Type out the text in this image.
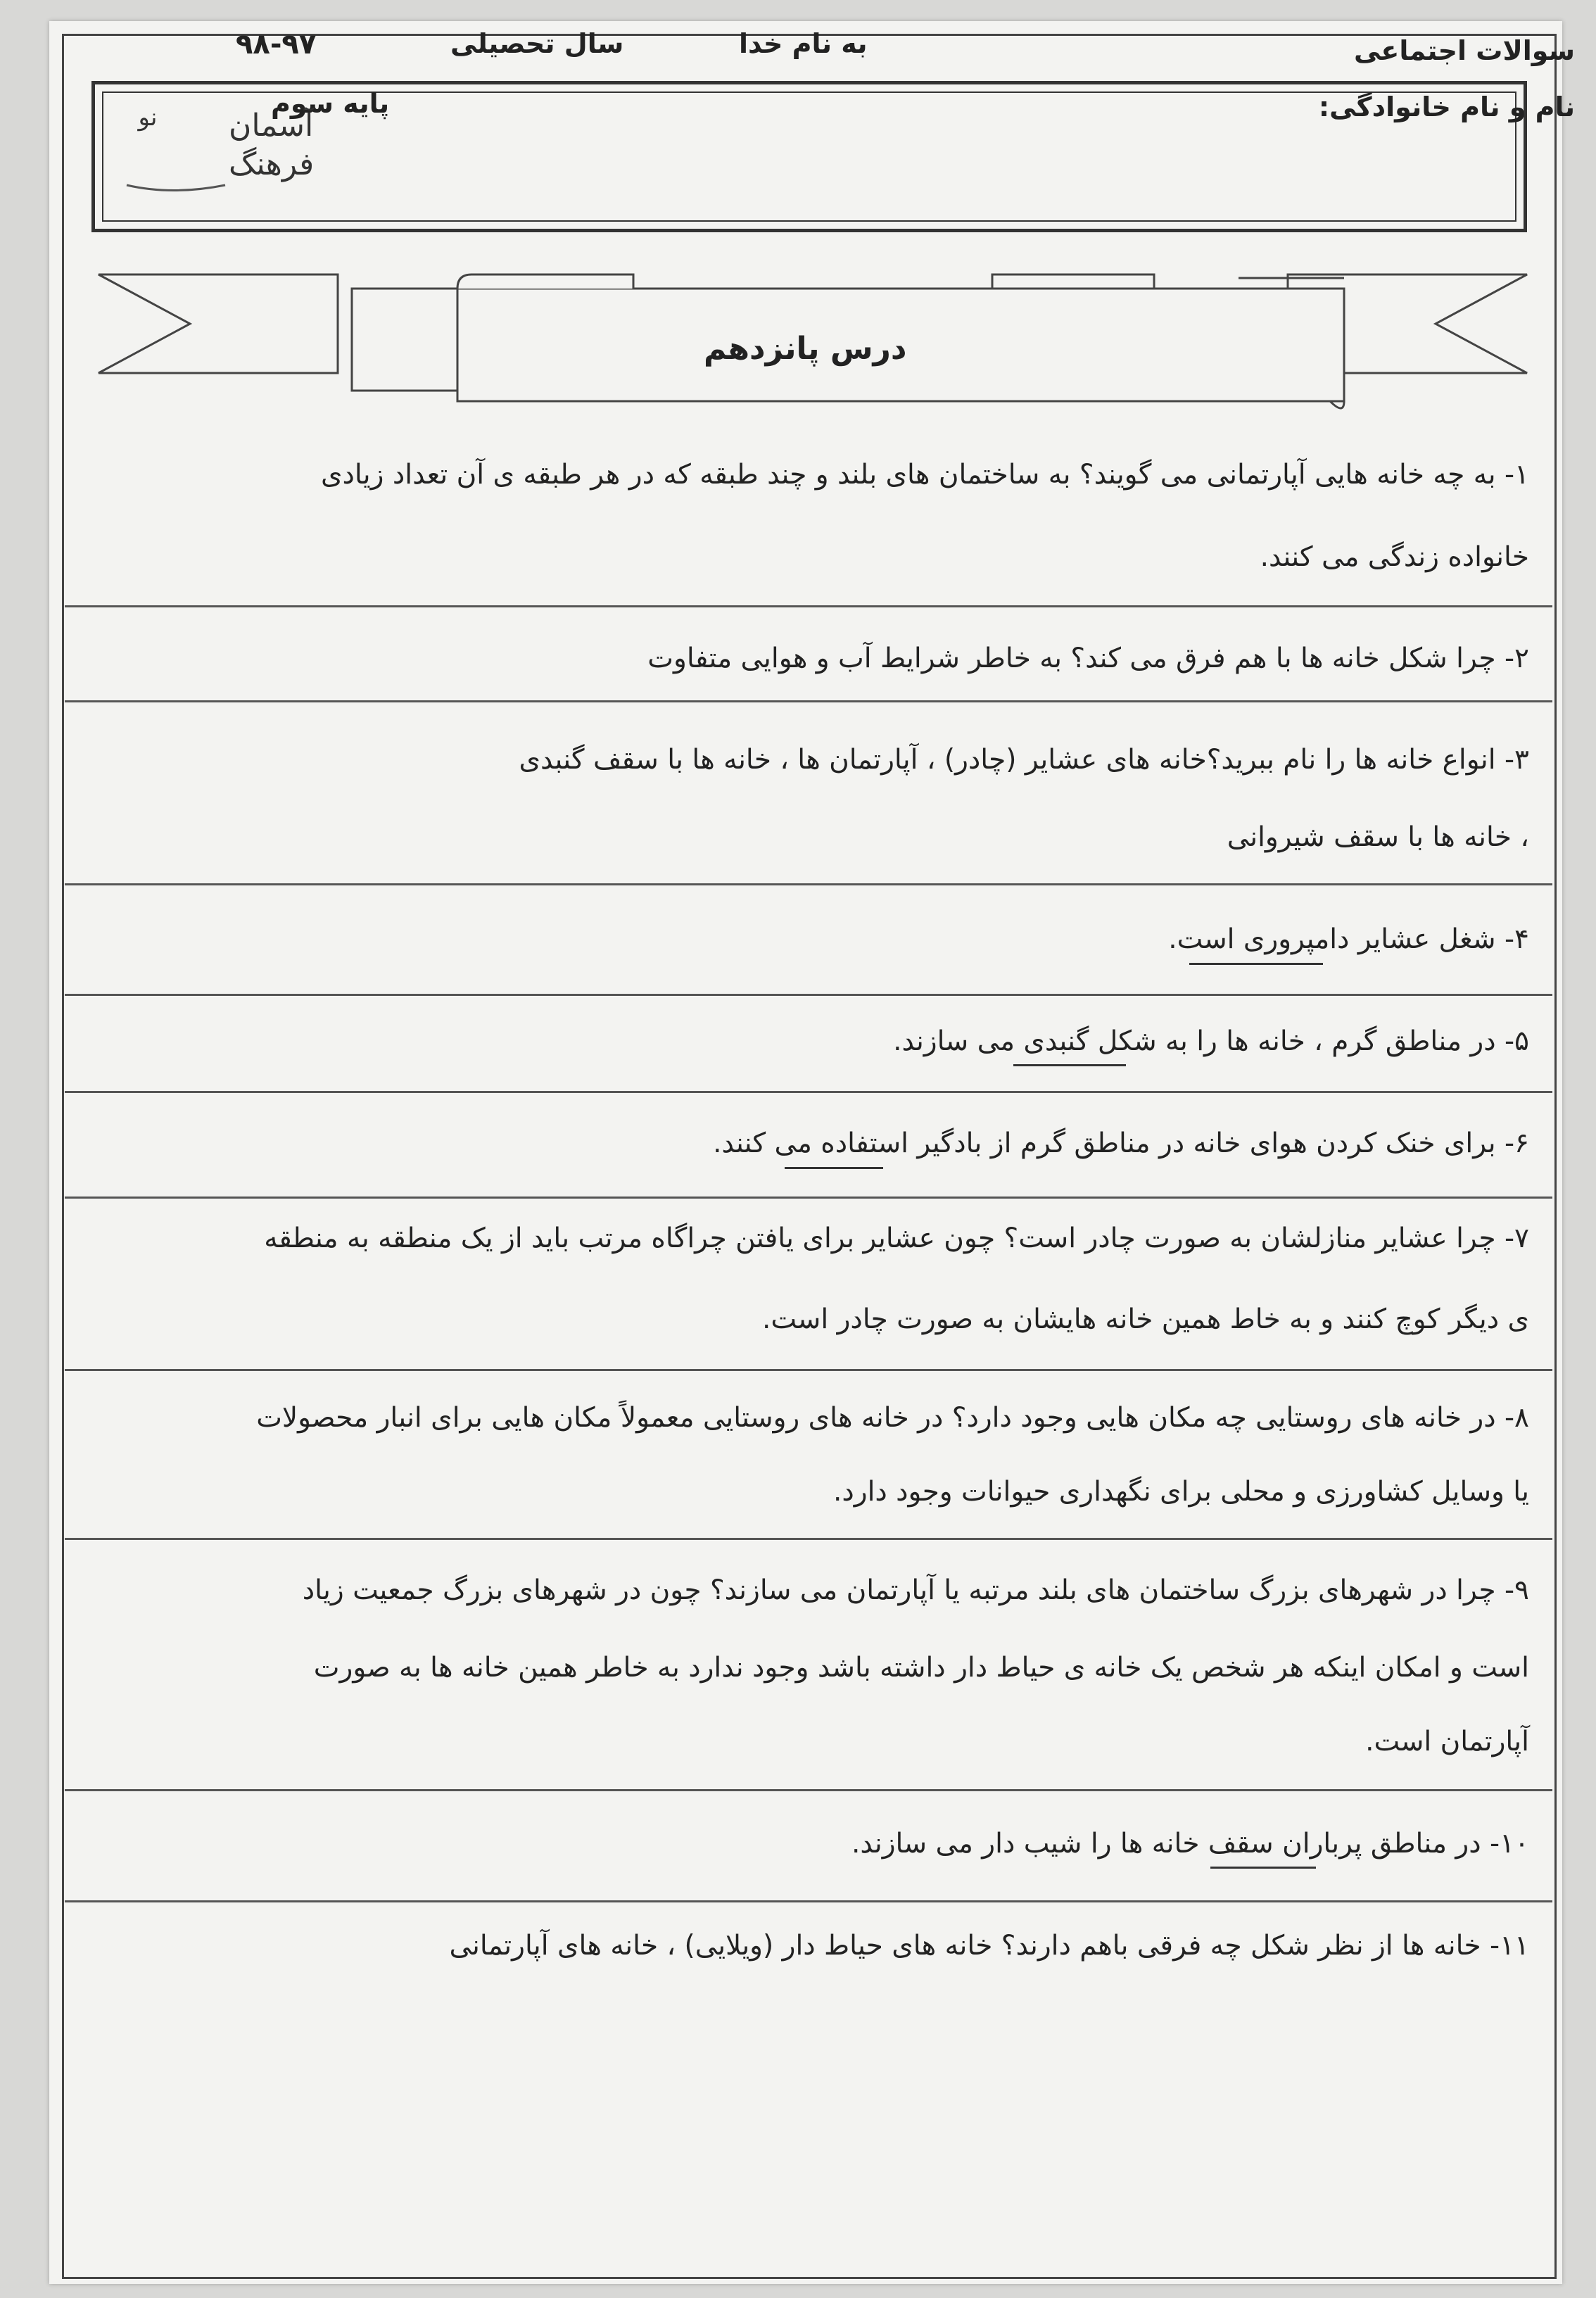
سوالات اجتماعی
نام و نام خانوادگی:
به نام خدا
سال تحصیلی
۹۸-۹۷
پایه سوم
آسمان
فرهنگ
نو
درس پانزدهم
۱- به چه خانه هایی آپارتمانی می گویند؟ به ساختمان های بلند و چند طبقه که در هر طبقه ی آن تعداد زیادی
خانواده زندگی می کنند.
۲- چرا شکل خانه ها با هم فرق می کند؟ به خاطر شرایط آب و هوایی متفاوت
۳- انواع خانه ها را نام ببرید؟خانه های عشایر (چادر) ، آپارتمان ها ، خانه ها با سقف گنبدی
، خانه ها با سقف شیروانی
۴- شغل عشایر دامپروری است.
۵- در مناطق گرم ، خانه ها را به شکل گنبدی می سازند.
۶- برای خنک کردن هوای خانه در مناطق گرم از بادگیر استفاده می کنند.
۷- چرا عشایر منازلشان به صورت چادر است؟ چون عشایر برای یافتن چراگاه مرتب باید از یک منطقه به منطقه
ی دیگر کوچ کنند و به خاط همین خانه هایشان به صورت چادر است.
۸- در خانه های روستایی چه مکان هایی وجود دارد؟ در خانه های روستایی معمولاً مکان هایی برای انبار محصولات
یا وسایل کشاورزی و محلی برای نگهداری حیوانات وجود دارد.
۹- چرا در شهرهای بزرگ ساختمان های بلند مرتبه یا آپارتمان می سازند؟ چون در شهرهای بزرگ جمعیت زیاد
است و امکان اینکه هر شخص یک خانه ی حیاط دار داشته باشد وجود ندارد به خاطر همین خانه ها به صورت
آپارتمان است.
۱۰- در مناطق پرباران سقف خانه ها را شیب دار می سازند.
۱۱- خانه ها از نظر شکل چه فرقی باهم دارند؟ خانه های حیاط دار (ویلایی) ، خانه های آپارتمانی
